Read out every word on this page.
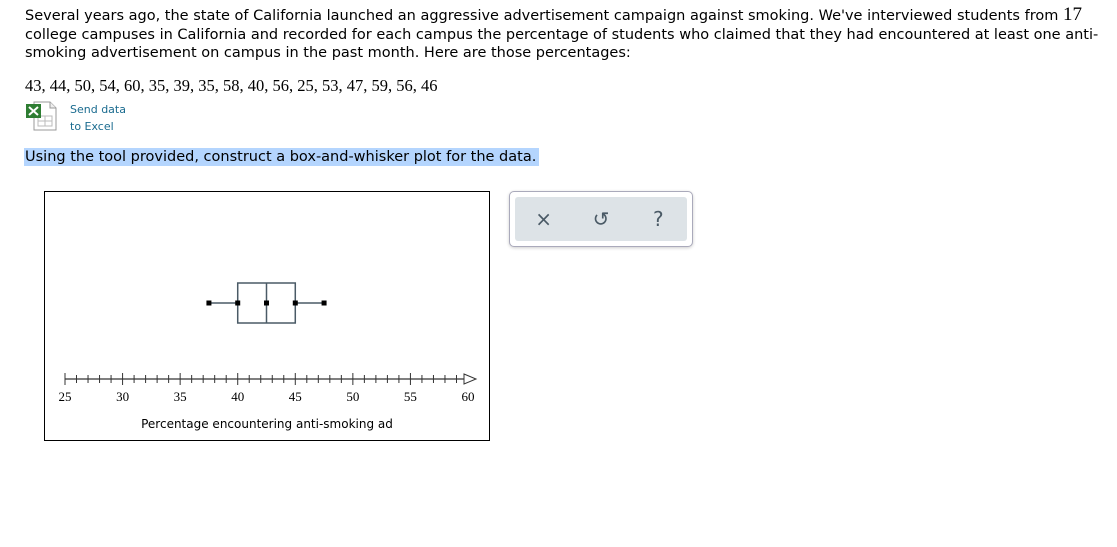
Several years ago, the state of California launched an aggressive advertisement campaign against smoking. We've interviewed students from 17 college campuses in California and recorded for each campus the percentage of students who claimed that they had encountered at least one anti-smoking advertisement on campus in the past month. Here are those percentages:
43, 44, 50, 54, 60, 35, 39, 35, 58, 40, 56, 25, 53, 47, 59, 56, 46
Send data
to Excel
Using the tool provided, construct a box-and-whisker plot for the data.
25	30	35	40	45	50	55	60
Percentage encountering anti-smoking ad
× ↺ ?
